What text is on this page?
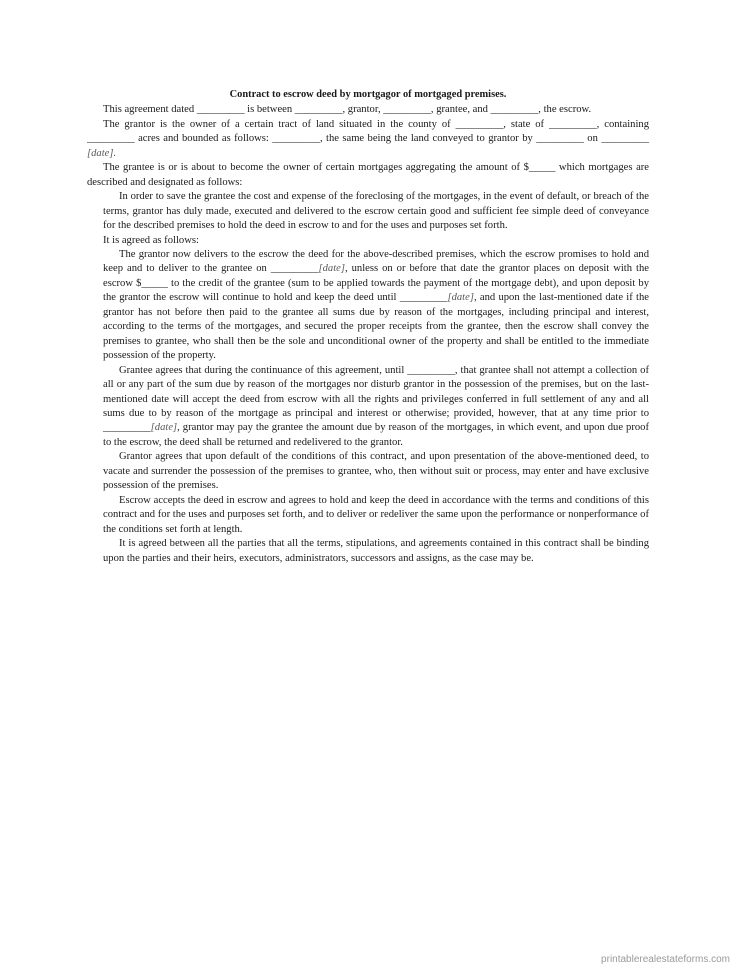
Contract to escrow deed by mortgagor of mortgaged premises.

This agreement dated _________ is between _________, grantor, _________, grantee, and _________, the escrow.

The grantor is the owner of a certain tract of land situated in the county of _________, state of _________, containing _________ acres and bounded as follows: _________, the same being the land conveyed to grantor by _________ on _________ [date].

The grantee is or is about to become the owner of certain mortgages aggregating the amount of $_____ which mortgages are described and designated as follows:

In order to save the grantee the cost and expense of the foreclosing of the mortgages, in the event of default, or breach of the terms, grantor has duly made, executed and delivered to the escrow certain good and sufficient fee simple deed of conveyance for the described premises to hold the deed in escrow to and for the uses and purposes set forth.

It is agreed as follows:

The grantor now delivers to the escrow the deed for the above-described premises, which the escrow promises to hold and keep and to deliver to the grantee on _________[date], unless on or before that date the grantor places on deposit with the escrow $_____ to the credit of the grantee (sum to be applied towards the payment of the mortgage debt), and upon deposit by the grantor the escrow will continue to hold and keep the deed until _________[date], and upon the last-mentioned date if the grantor has not before then paid to the grantee all sums due by reason of the mortgages, including principal and interest, according to the terms of the mortgages, and secured the proper receipts from the grantee, then the escrow shall convey the premises to grantee, who shall then be the sole and unconditional owner of the property and shall be entitled to the immediate possession of the property.

Grantee agrees that during the continuance of this agreement, until _________, that grantee shall not attempt a collection of all or any part of the sum due by reason of the mortgages nor disturb grantor in the possession of the premises, but on the last-mentioned date will accept the deed from escrow with all the rights and privileges conferred in full settlement of any and all sums due to by reason of the mortgage as principal and interest or otherwise; provided, however, that at any time prior to _________[date], grantor may pay the grantee the amount due by reason of the mortgages, in which event, and upon due proof to the escrow, the deed shall be returned and redelivered to the grantor.

Grantor agrees that upon default of the conditions of this contract, and upon presentation of the above-mentioned deed, to vacate and surrender the possession of the premises to grantee, who, then without suit or process, may enter and have exclusive possession of the premises.

Escrow accepts the deed in escrow and agrees to hold and keep the deed in accordance with the terms and conditions of this contract and for the uses and purposes set forth, and to deliver or redeliver the same upon the performance or nonperformance of the conditions set forth at length.

It is agreed between all the parties that all the terms, stipulations, and agreements contained in this contract shall be binding upon the parties and their heirs, executors, administrators, successors and assigns, as the case may be.

printablerealestateforms.com
